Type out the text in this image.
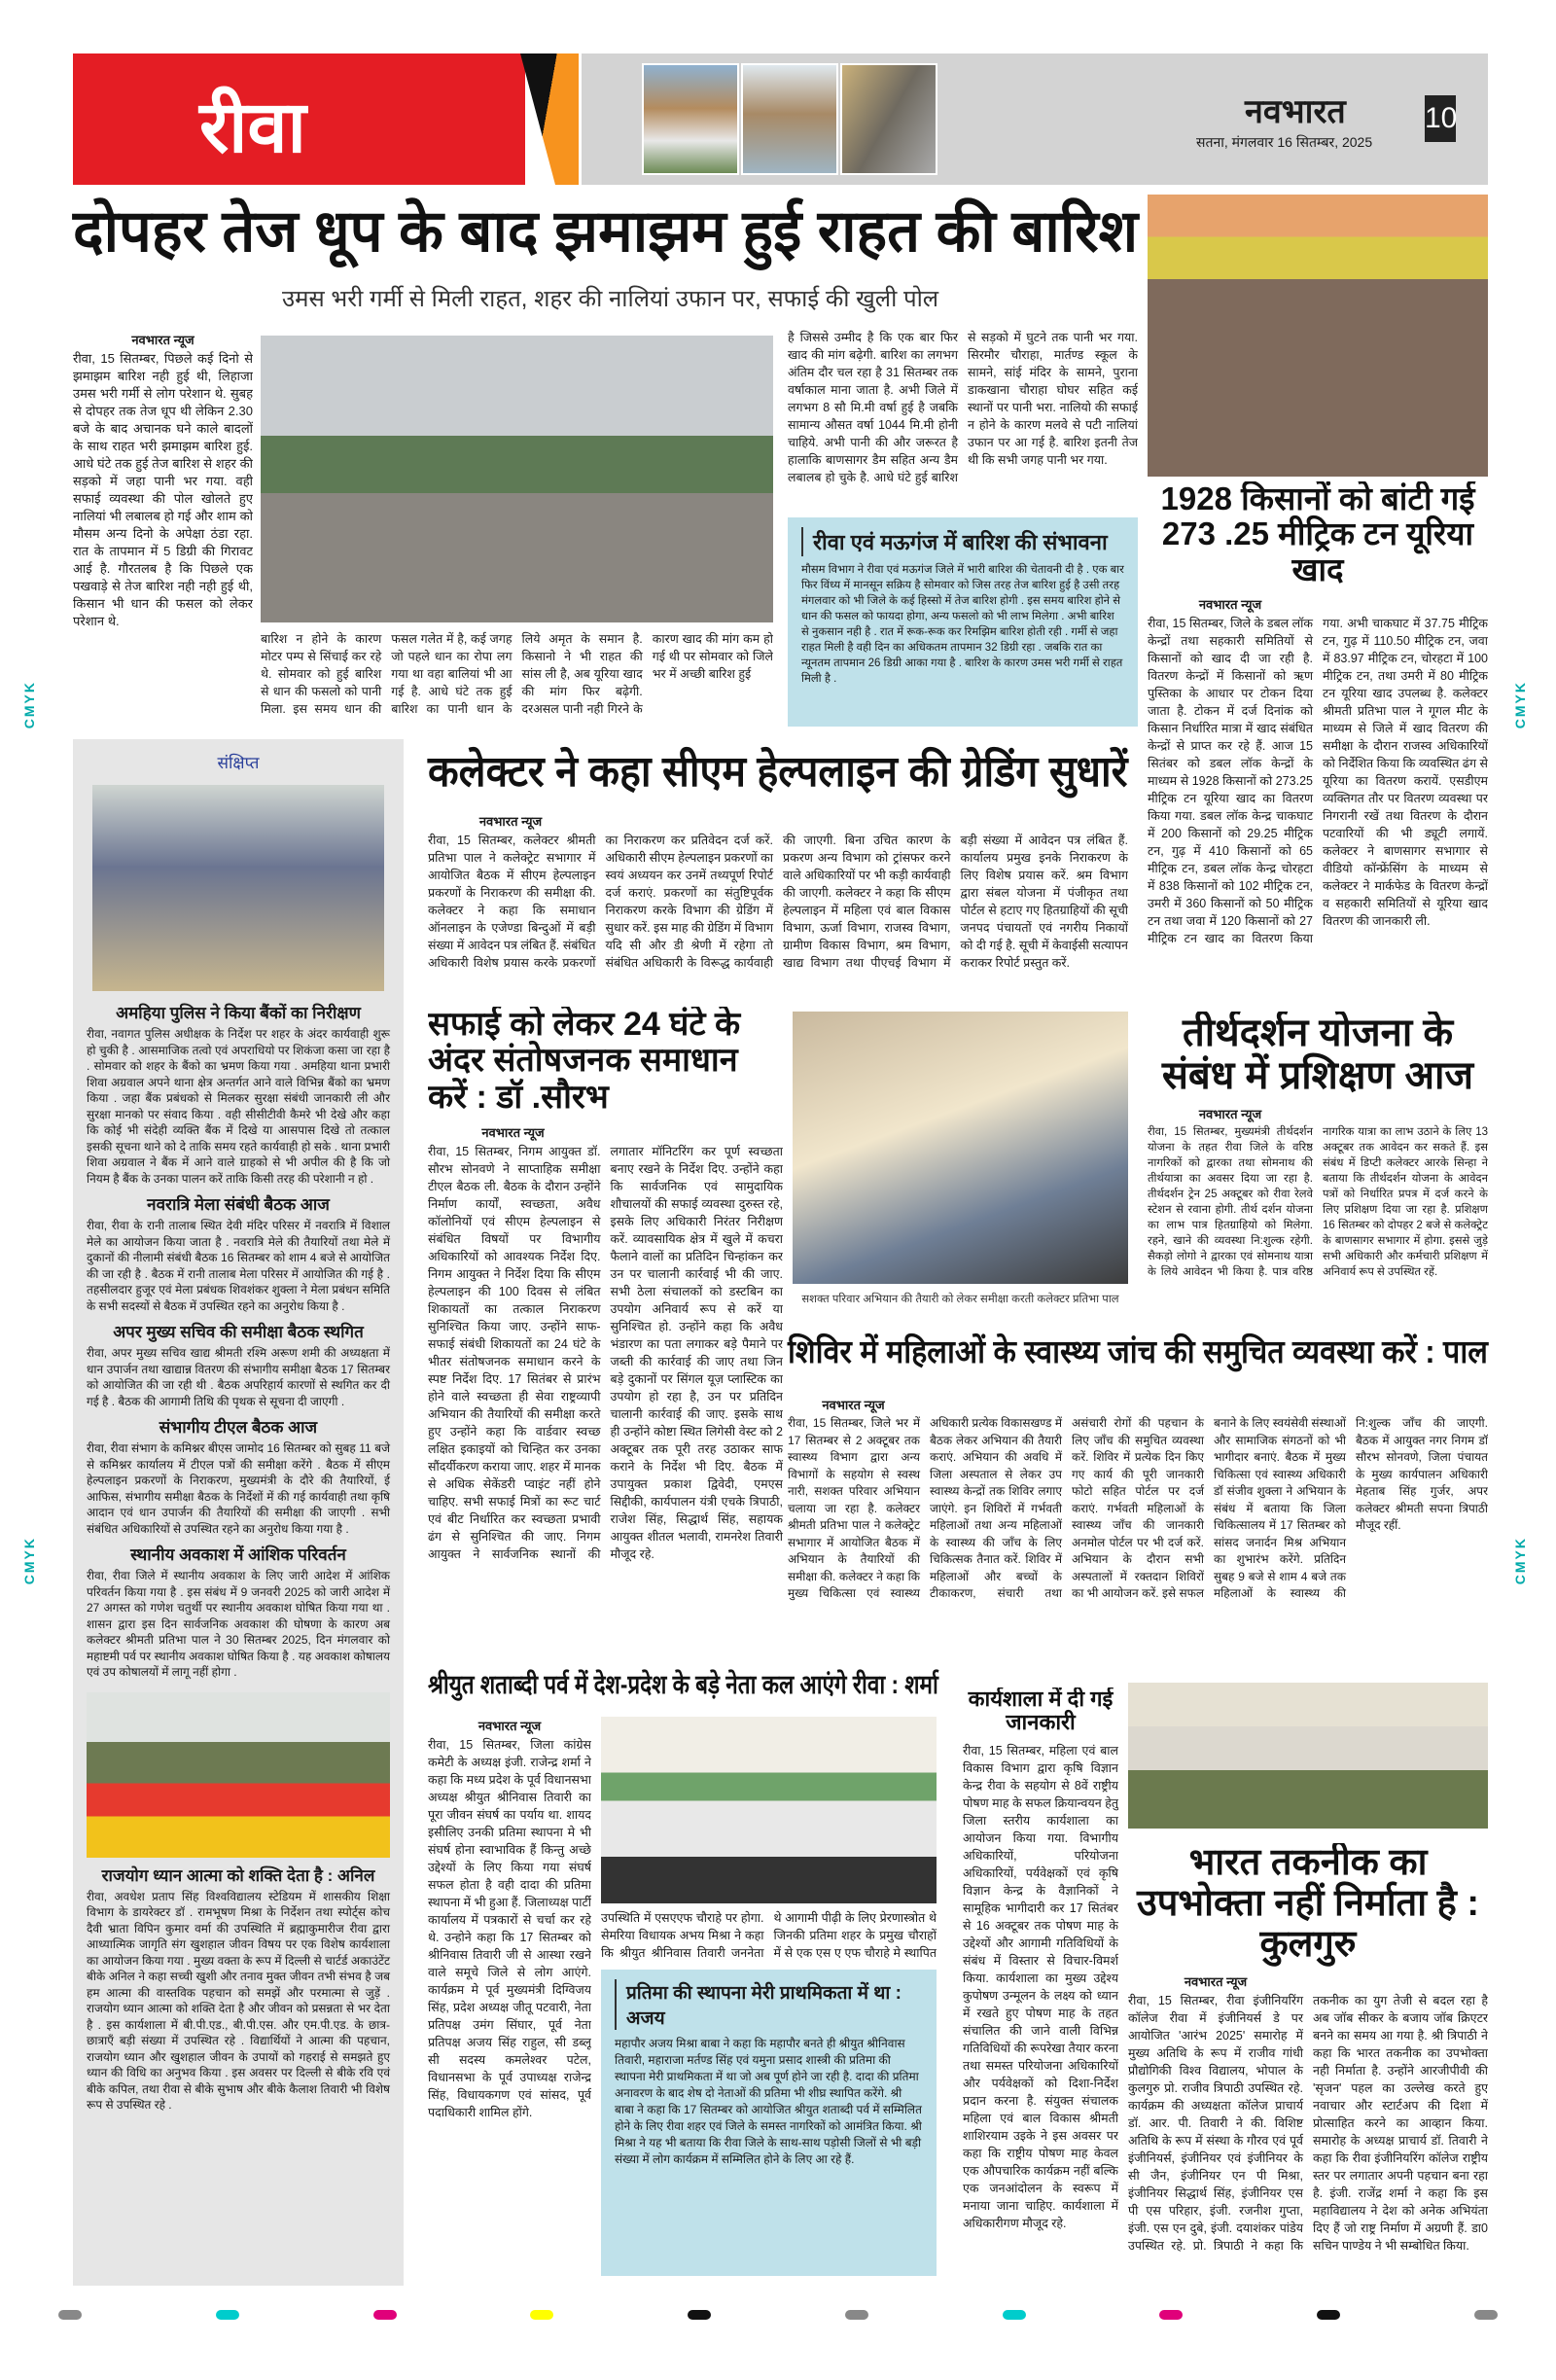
रीवा	नवभारत
सतना, मंगलवार 16 सितम्बर, 2025
10
दोपहर तेज धूप के बाद झमाझम हुई राहत की बारिश
उमस भरी गर्मी से मिली राहत, शहर की नालियां उफान पर, सफाई की खुली पोल
नवभारत न्यूज
रीवा, 15 सितम्बर, पिछले कई दिनो से झमाझम बारिश नही हुई थी, लिहाजा उमस भरी गर्मी से लोग परेशान थे. सुबह से दोपहर तक तेज धूप थी लेकिन 2.30 बजे के बाद अचानक घने काले बादलों के साथ राहत भरी झमाझम बारिश हुई. आधे घंटे तक हुई तेज बारिश से शहर की सड़को में जहा पानी भर गया. वही सफाई व्यवस्था की पोल खोलते हुए नालियां भी लबालब हो गई और शाम को मौसम अन्य दिनो के अपेक्षा ठंडा रहा. रात के तापमान में 5 डिग्री की गिरावट आई है. गौरतलब है कि पिछले एक पखवाड़े से तेज बारिश नही नही हुई थी, किसान भी धान की फसल को लेकर परेशान थे.
बारिश न होने के कारण मोटर पम्प से सिंचाई कर रहे थे. सोमवार को हुई बारिश से धान की फसलो को पानी मिला. इस समय धान की फसल गलेत में है, कई जगह जो पहले धान का रोपा लग गया था वहा बालियां भी आ गई है. आधे घंटे तक हुई बारिश का पानी धान के लिये अमृत के समान है. किसानो ने भी राहत की सांस ली है, अब यूरिया खाद की मांग फिर बढ़ेगी. दरअसल पानी नही गिरने के कारण खाद की मांग कम हो गई थी पर सोमवार को जिले भर में अच्छी बारिश हुई
है जिससे उम्मीद है कि एक बार फिर खाद की मांग बढ़ेगी. बारिश का लगभग अंतिम दौर चल रहा है 31 सितम्बर तक वर्षाकाल माना जाता है. अभी जिले में लगभग 8 सौ मि.मी वर्षा हुई है जबकि सामान्य औसत वर्षा 1044 मि.मी होनी चाहिये. अभी पानी की और जरूरत है हालाकि बाणसागर डैम सहित अन्य डैम लबालब हो चुके है. आधे घंटे हुई बारिश से सड़को में घुटने तक पानी भर गया. सिरमौर चौराहा, मार्तण्ड स्कूल के सामने, सांई मंदिर के सामने, पुराना डाकखाना चौराहा घोघर सहित कई स्थानों पर पानी भरा. नालियो की सफाई न होने के कारण मलवे से पटी नालियां उफान पर आ गई है. बारिश इतनी तेज थी कि सभी जगह पानी भर गया.
रीवा एवं मऊगंज में बारिश की संभावना

मौसम विभाग ने रीवा एवं मऊगंज जिले में भारी बारिश की चेतावनी दी है . एक बार फिर विंध्य में मानसून सक्रिय है सोमवार को जिस तरह तेज बारिश हुई है उसी तरह मंगलवार को भी जिले के कई हिस्सो में तेज बारिश होगी . इस समय बारिश होने से धान की फसल को फायदा होगा, अन्य फसलो को भी लाभ मिलेगा . अभी बारिश से नुकसान नही है . रात में रूक-रूक कर रिमझिम बारिश होती रही . गर्मी से जहा राहत मिली है वही दिन का अधिकतम तापमान 32 डिग्री रहा . जबकि रात का न्यूनतम तापमान 26 डिग्री आका गया है . बारिश के कारण उमस भरी गर्मी से राहत मिली है .

1928 किसानों को बांटी गई 273 .25 मीट्रिक टन यूरिया खाद
नवभारत न्यूज
रीवा, 15 सितम्बर, जिले के डबल लॉक केन्द्रों तथा सहकारी समितियों से किसानों को खाद दी जा रही है. वितरण केन्द्रों में किसानों को ऋण पुस्तिका के आधार पर टोकन दिया जाता है. टोकन में दर्ज दिनांक को किसान निर्धारित मात्रा में खाद संबंधित केन्द्रों से प्राप्त कर रहे हैं. आज 15 सितंबर को डबल लॉक केन्द्रों के माध्यम से 1928 किसानों को 273.25 मीट्रिक टन यूरिया खाद का वितरण किया गया. डबल लॉक केन्द्र चाकघाट में 200 किसानों को 29.25 मीट्रिक टन, गुढ़ में 410 किसानों को 65 मीट्रिक टन, डबल लॉक केन्द्र चोरहटा में 838 किसानों को 102 मीट्रिक टन, उमरी में 360 किसानों को 50 मीट्रिक टन तथा जवा में 120 किसानों को 27 मीट्रिक टन खाद का वितरण किया गया. अभी चाकघाट में 37.75 मीट्रिक टन, गुढ़ में 110.50 मीट्रिक टन, जवा में 83.97 मीट्रिक टन, चोरहटा में 100 मीट्रिक टन, तथा उमरी में 80 मीट्रिक टन यूरिया खाद उपलब्ध है. कलेक्टर श्रीमती प्रतिभा पाल ने गूगल मीट के माध्यम से जिले में खाद वितरण की समीक्षा के दौरान राजस्व अधिकारियों को निर्देशित किया कि व्यवस्थित ढंग से यूरिया का वितरण करायें. एसडीएम व्यक्तिगत तौर पर वितरण व्यवस्था पर निगरानी रखें तथा वितरण के दौरान पटवारियों की भी ड्यूटी लगायें. कलेक्टर ने बाणसागर सभागार से वीडियो कॉन्फ्रेंसिंग के माध्यम से कलेक्टर ने मार्कफेड के वितरण केन्द्रों व सहकारी समितियों से यूरिया खाद वितरण की जानकारी ली.
संक्षिप्त
अमहिया पुलिस ने किया बैंकों का निरीक्षण

रीवा, नवागत पुलिस अधीक्षक के निर्देश पर शहर के अंदर कार्यवाही शुरू हो चुकी है . आसमाजिक तत्वो एवं अपराधियो पर शिकंजा कसा जा रहा है . सोमवार को शहर के बैंको का भ्रमण किया गया . अमहिया थाना प्रभारी शिवा अग्रवाल अपने थाना क्षेत्र अन्तर्गत आने वाले विभिन्न बैंको का भ्रमण किया . जहा बैंक प्रबंधको से मिलकर सुरक्षा संबंधी जानकारी ली और सुरक्षा मानको पर संवाद किया . वही सीसीटीवी कैमरे भी देखे और कहा कि कोई भी संदेही व्यक्ति बैंक में दिखे या आसपास दिखे तो तत्काल इसकी सूचना थाने को दे ताकि समय रहते कार्यवाही हो सके . थाना प्रभारी शिवा अग्रवाल ने बैंक में आने वाले ग्राहको से भी अपील की है कि जो नियम है बैंक के उनका पालन करें ताकि किसी तरह की परेशानी न हो .

नवरात्रि मेला संबंधी बैठक आज

रीवा, रीवा के रानी तालाब स्थित देवी मंदिर परिसर में नवरात्रि में विशाल मेले का आयोजन किया जाता है . नवरात्रि मेले की तैयारियों तथा मेले में दुकानों की नीलामी संबंधी बैठक 16 सितम्बर को शाम 4 बजे से आयोजित की जा रही है . बैठक में रानी तालाब मेला परिसर में आयोजित की गई है . तहसीलदार हुजूर एवं मेला प्रबंधक शिवशंकर शुक्ला ने मेला प्रबंधन समिति के सभी सदस्यों से बैठक में उपस्थित रहने का अनुरोध किया है .

अपर मुख्य सचिव की समीक्षा बैठक स्थगित

रीवा, अपर मुख्य सचिव खाद्य श्रीमती रश्मि अरूण शमी की अध्यक्षता में धान उपार्जन तथा खाद्यान्न वितरण की संभागीय समीक्षा बैठक 17 सितम्बर को आयोजित की जा रही थी . बैठक अपरिहार्य कारणों से स्थगित कर दी गई है . बैठक की आगामी तिथि की पृथक से सूचना दी जाएगी .

संभागीय टीएल बैठक आज

रीवा, रीवा संभाग के कमिश्नर बीएस जामोद 16 सितम्बर को सुबह 11 बजे से कमिश्नर कार्यालय में टीएल पत्रों की समीक्षा करेंगे . बैठक में सीएम हेल्पलाइन प्रकरणों के निराकरण, मुख्यमंत्री के दौरे की तैयारियों, ई आफिस, संभागीय समीक्षा बैठक के निर्देशों में की गई कार्यवाही तथा कृषि आदान एवं धान उपार्जन की तैयारियों की समीक्षा की जाएगी . सभी संबंधित अधिकारियों से उपस्थित रहने का अनुरोध किया गया है .

स्थानीय अवकाश में आंशिक परिवर्तन

रीवा, रीवा जिले में स्थानीय अवकाश के लिए जारी आदेश में आंशिक परिवर्तन किया गया है . इस संबंध में 9 जनवरी 2025 को जारी आदेश में 27 अगस्त को गणेश चतुर्थी पर स्थानीय अवकाश घोषित किया गया था . शासन द्वारा इस दिन सार्वजनिक अवकाश की घोषणा के कारण अब कलेक्टर श्रीमती प्रतिभा पाल ने 30 सितम्बर 2025, दिन मंगलवार को महाष्टमी पर्व पर स्थानीय अवकाश घोषित किया है . यह अवकाश कोषालय एवं उप कोषालयों में लागू नहीं होगा .

राजयोग ध्यान आत्मा को शक्ति देता है : अनिल

रीवा, अवधेश प्रताप सिंह विश्वविद्यालय स्टेडियम में शासकीय शिक्षा विभाग के डायरेक्टर डॉ . रामभूषण मिश्रा के निर्देशन तथा स्पोर्ट्स कोच दैवी भ्राता विपिन कुमार वर्मा की उपस्थिति में ब्रह्माकुमारीज रीवा द्वारा आध्यात्मिक जागृति संग खुशहाल जीवन विषय पर एक विशेष कार्यशाला का आयोजन किया गया . मुख्य वक्ता के रूप में दिल्ली से चार्टर्ड अकाउंटेंट बीके अनिल ने कहा सच्ची खुशी और तनाव मुक्त जीवन तभी संभव है जब हम आत्मा की वास्तविक पहचान को समझें और परमात्मा से जुड़ें . राजयोग ध्यान आत्मा को शक्ति देता है और जीवन को प्रसन्नता से भर देता है . इस कार्यशाला में बी.पी.एड., बी.पी.एस. और एम.पी.एड. के छात्र-छात्राएँ बड़ी संख्या में उपस्थित रहे . विद्यार्थियों ने आत्मा की पहचान, राजयोग ध्यान और खुशहाल जीवन के उपायों को गहराई से समझते हुए ध्यान की विधि का अनुभव किया . इस अवसर पर दिल्ली से बीके रवि एवं बीके कपिल, तथा रीवा से बीके सुभाष और बीके कैलाश तिवारी भी विशेष रूप से उपस्थित रहे .

कलेक्टर ने कहा सीएम हेल्पलाइन की ग्रेडिंग सुधारें
नवभारत न्यूज
रीवा, 15 सितम्बर, कलेक्टर श्रीमती प्रतिभा पाल ने कलेक्ट्रेट सभागार में आयोजित बैठक में सीएम हेल्पलाइन प्रकरणों के निराकरण की समीक्षा की. कलेक्टर ने कहा कि समाधान ऑनलाइन के एजेण्डा बिन्दुओं में बड़ी संख्या में आवेदन पत्र लंबित हैं. संबंधित अधिकारी विशेष प्रयास करके प्रकरणों का निराकरण कर प्रतिवेदन दर्ज करें. अधिकारी सीएम हेल्पलाइन प्रकरणों का स्वयं अध्ययन कर उनमें तथ्यपूर्ण रिपोर्ट दर्ज कराएं. प्रकरणों का संतुष्टिपूर्वक निराकरण करके विभाग की ग्रेडिंग में सुधार करें. इस माह की ग्रेडिंग में विभाग यदि सी और डी श्रेणी में रहेगा तो संबंधित अधिकारी के विरूद्ध कार्यवाही की जाएगी. बिना उचित कारण के प्रकरण अन्य विभाग को ट्रांसफर करने वाले अधिकारियों पर भी कड़ी कार्यवाही की जाएगी. कलेक्टर ने कहा कि सीएम हेल्पलाइन में महिला एवं बाल विकास विभाग, ऊर्जा विभाग, राजस्व विभाग, ग्रामीण विकास विभाग, श्रम विभाग, खाद्य विभाग तथा पीएचई विभाग में बड़ी संख्या में आवेदन पत्र लंबित हैं. कार्यालय प्रमुख इनके निराकरण के लिए विशेष प्रयास करें. श्रम विभाग द्वारा संबल योजना में पंजीकृत तथा पोर्टल से हटाए गए हितग्राहियों की सूची जनपद पंचायतों एवं नगरीय निकायों को दी गई है. सूची में केवाईसी सत्यापन कराकर रिपोर्ट प्रस्तुत करें.
सफाई को लेकर 24 घंटे के अंदर संतोषजनक समाधान करें : डॉ .सौरभ
नवभारत न्यूज
रीवा, 15 सितम्बर, निगम आयुक्त डॉ. सौरभ सोनवणे ने साप्ताहिक समीक्षा टीएल बैठक ली. बैठक के दौरान उन्होंने निर्माण कार्यों, स्वच्छता, अवैध कॉलोनियों एवं सीएम हेल्पलाइन से संबंधित विषयों पर विभागीय अधिकारियों को आवश्यक निर्देश दिए. निगम आयुक्त ने निर्देश दिया कि सीएम हेल्पलाइन की 100 दिवस से लंबित शिकायतों का तत्काल निराकरण सुनिश्चित किया जाए. उन्होंने साफ-सफाई संबंधी शिकायतों का 24 घंटे के भीतर संतोषजनक समाधान करने के स्पष्ट निर्देश दिए. 17 सितंबर से प्रारंभ होने वाले स्वच्छता ही सेवा राष्ट्रव्यापी अभियान की तैयारियों की समीक्षा करते हुए उन्होंने कहा कि वार्डवार स्वच्छ लक्षित इकाइयों को चिन्हित कर उनका सौंदर्यीकरण कराया जाए. शहर में मानक से अधिक सेकेंडरी प्वाइंट नहीं होने चाहिए. सभी सफाई मित्रों का रूट चार्ट एवं बीट निर्धारित कर स्वच्छता प्रभावी ढंग से सुनिश्चित की जाए. निगम आयुक्त ने सार्वजनिक स्थानों की लगातार मॉनिटरिंग कर पूर्ण स्वच्छता बनाए रखने के निर्देश दिए. उन्होंने कहा कि सार्वजनिक एवं सामुदायिक शौचालयों की सफाई व्यवस्था दुरुस्त रहे, इसके लिए अधिकारी निरंतर निरीक्षण करें. व्यावसायिक क्षेत्र में खुले में कचरा फैलाने वालों का प्रतिदिन चिन्हांकन कर उन पर चालानी कार्रवाई भी की जाए. सभी ठेला संचालकों को डस्टबिन का उपयोग अनिवार्य रूप से करें या सुनिश्चित हो. उन्होंने कहा कि अवैध भंडारण का पता लगाकर बड़े पैमाने पर जब्ती की कार्रवाई की जाए तथा जिन बड़े दुकानों पर सिंगल यूज़ प्लास्टिक का उपयोग हो रहा है, उन पर प्रतिदिन चालानी कार्रवाई की जाए. इसके साथ ही उन्होंने कोष्टा स्थित लिगेसी वेस्ट को 2 अक्टूबर तक पूरी तरह उठाकर साफ कराने के निर्देश भी दिए. बैठक में उपायुक्त प्रकाश द्विवेदी, एमएस सिद्दीकी, कार्यपालन यंत्री एचके त्रिपाठी, राजेश सिंह, सिद्धार्थ सिंह, सहायक आयुक्त शीतल भलावी, रामनरेश तिवारी मौजूद रहे.
सशक्त परिवार अभियान की तैयारी को लेकर समीक्षा करती कलेक्टर प्रतिभा पाल
तीर्थदर्शन योजना के संबंध में प्रशिक्षण आज
नवभारत न्यूज
रीवा, 15 सितम्बर, मुख्यमंत्री तीर्थदर्शन योजना के तहत रीवा जिले के वरिष्ठ नागरिकों को द्वारका तथा सोमनाथ की तीर्थयात्रा का अवसर दिया जा रहा है. तीर्थदर्शन ट्रेन 25 अक्टूबर को रीवा रेलवे स्टेशन से रवाना होगी. तीर्थ दर्शन योजना का लाभ पात्र हितग्राहियो को मिलेगा. रहने, खाने की व्यवस्था नि:शुल्क रहेगी. सैकड़ो लोगो ने द्वारका एवं सोमनाथ यात्रा के लिये आवेदन भी किया है. पात्र वरिष्ठ नागरिक यात्रा का लाभ उठाने के लिए 13 अक्टूबर तक आवेदन कर सकते हैं. इस संबंध में डिप्टी कलेक्टर आरके सिन्हा ने बताया कि तीर्थदर्शन योजना के आवेदन पत्रों को निर्धारित प्रपत्र में दर्ज करने के लिए प्रशिक्षण दिया जा रहा है. प्रशिक्षण 16 सितम्बर को दोपहर 2 बजे से कलेक्ट्रेट के बाणसागर सभागार में होगा. इससे जुड़े सभी अधिकारी और कर्मचारी प्रशिक्षण में अनिवार्य रूप से उपस्थित रहें.
शिविर में महिलाओं के स्वास्थ्य जांच की समुचित व्यवस्था करें : पाल
नवभारत न्यूज
रीवा, 15 सितम्बर, जिले भर में 17 सितम्बर से 2 अक्टूबर तक स्वास्थ्य विभाग द्वारा अन्य विभागों के सहयोग से स्वस्थ नारी, सशक्त परिवार अभियान चलाया जा रहा है. कलेक्टर श्रीमती प्रतिभा पाल ने कलेक्ट्रेट सभागार में आयोजित बैठक में अभियान के तैयारियों की समीक्षा की. कलेक्टर ने कहा कि मुख्य चिकित्सा एवं स्वास्थ्य अधिकारी प्रत्येक विकासखण्ड में बैठक लेकर अभियान की तैयारी कराएं. अभियान की अवधि में जिला अस्पताल से लेकर उप स्वास्थ्य केन्द्रों तक शिविर लगाए जाएंगे. इन शिविरों में गर्भवती महिलाओं तथा अन्य महिलाओं के स्वास्थ्य की जाँच के लिए चिकित्सक तैनात करें. शिविर में महिलाओं और बच्चों के टीकाकरण, संचारी तथा असंचारी रोगों की पहचान के लिए जाँच की समुचित व्यवस्था करें. शिविर में प्रत्येक दिन किए गए कार्य की पूरी जानकारी फोटो सहित पोर्टल पर दर्ज कराएं. गर्भवती महिलाओं के स्वास्थ्य जाँच की जानकारी अनमोल पोर्टल पर भी दर्ज करें. अभियान के दौरान सभी अस्पतालों में रक्तदान शिविरों का भी आयोजन करें. इसे सफल बनाने के लिए स्वयंसेवी संस्थाओं और सामाजिक संगठनों को भी भागीदार बनाएं. बैठक में मुख्य चिकित्सा एवं स्वास्थ्य अधिकारी डॉ संजीव शुक्ला ने अभियान के संबंध में बताया कि जिला चिकित्सालय में 17 सितम्बर को सांसद जनार्दन मिश्र अभियान का शुभारंभ करेंगे. प्रतिदिन सुबह 9 बजे से शाम 4 बजे तक महिलाओं के स्वास्थ्य की नि:शुल्क जाँच की जाएगी. बैठक में आयुक्त नगर निगम डॉ सौरभ सोनवणे, जिला पंचायत के मुख्य कार्यपालन अधिकारी मेहताब सिंह गुर्जर, अपर कलेक्टर श्रीमती सपना त्रिपाठी मौजूद रहीं.
श्रीयुत शताब्दी पर्व में देश-प्रदेश के बड़े नेता कल आएंगे रीवा : शर्मा
नवभारत न्यूज
रीवा, 15 सितम्बर, जिला कांग्रेस कमेटी के अध्यक्ष इंजी. राजेन्द्र शर्मा ने कहा कि मध्य प्रदेश के पूर्व विधानसभा अध्यक्ष श्रीयुत श्रीनिवास तिवारी का पूरा जीवन संघर्ष का पर्याय था. शायद इसीलिए उनकी प्रतिमा स्थापना मे भी संघर्ष होना स्वाभाविक हैं किन्तु अच्छे उद्देश्यों के लिए किया गया संघर्ष सफल होता है वही दादा की प्रतिमा स्थापना में भी हुआ हैं. जिलाध्यक्ष पार्टी कार्यालय में पत्रकारों से चर्चा कर रहे थे. उन्होने कहा कि 17 सितम्बर को श्रीनिवास तिवारी जी से आस्था रखने वाले समूचे जिले से लोग आएंगे. कार्यक्रम मे पूर्व मुख्यमंत्री दिग्विजय सिंह, प्रदेश अध्यक्ष जीतू पटवारी, नेता प्रतिपक्ष उमंग सिंघार, पूर्व नेता प्रतिपक्ष अजय सिंह राहुल, सी डब्लू सी सदस्य कमलेश्वर पटेल, विधानसभा के पूर्व उपाध्यक्ष राजेन्द्र सिंह, विधायकगण एवं सांसद, पूर्व पदाधिकारी शामिल होंगे.
उपस्थिति में एसएएफ चौराहे पर होगा. सेमरिया विधायक अभय मिश्रा ने कहा कि श्रीयुत श्रीनिवास तिवारी जननेता थे आगामी पीढ़ी के लिए प्रेरणास्त्रोत थे जिनकी प्रतिमा शहर के प्रमुख चौराहों में से एक एस ए एफ चौराहे मे स्थापित
प्रतिमा की स्थापना मेरी प्राथमिकता में था : अजय

महापौर अजय मिश्रा बाबा ने कहा कि महापौर बनते ही श्रीयुत श्रीनिवास तिवारी, महाराजा मर्तण्ड सिंह एवं यमुना प्रसाद शास्त्री की प्रतिमा की स्थापना मेरी प्राथमिकता में था जो अब पूर्ण होने जा रही है. दादा की प्रतिमा अनावरण के बाद शेष दो नेताओं की प्रतिमा भी शीघ्र स्थापित करेंगे. श्री बाबा ने कहा कि 17 सितम्बर को आयोजित श्रीयुत शताब्दी पर्व में सम्मिलित होने के लिए रीवा शहर एवं जिले के समस्त नागरिकों को आमंत्रित किया. श्री मिश्रा ने यह भी बताया कि रीवा जिले के साथ-साथ पड़ोसी जिलों से भी बड़ी संख्या में लोग कार्यक्रम में सम्मिलित होने के लिए आ रहे हैं.

कार्यशाला में दी गई जानकारी
रीवा, 15 सितम्बर, महिला एवं बाल विकास विभाग द्वारा कृषि विज्ञान केन्द्र रीवा के सहयोग से 8वें राष्ट्रीय पोषण माह के सफल क्रियान्वयन हेतु जिला स्तरीय कार्यशाला का आयोजन किया गया. विभागीय अधिकारियों, परियोजना अधिकारियों, पर्यवेक्षकों एवं कृषि विज्ञान केन्द्र के वैज्ञानिकों ने सामूहिक भागीदारी कर 17 सितंबर से 16 अक्टूबर तक पोषण माह के उद्देश्यों और आगामी गतिविधियों के संबंध में विस्तार से विचार-विमर्श किया. कार्यशाला का मुख्य उद्देश्य कुपोषण उन्मूलन के लक्ष्य को ध्यान में रखते हुए पोषण माह के तहत संचालित की जाने वाली विभिन्न गतिविधियों की रूपरेखा तैयार करना तथा समस्त परियोजना अधिकारियों और पर्यवेक्षकों को दिशा-निर्देश प्रदान करना है. संयुक्त संचालक महिला एवं बाल विकास श्रीमती शाशिरयाम उइके ने इस अवसर पर कहा कि राष्ट्रीय पोषण माह केवल एक औपचारिक कार्यक्रम नहीं बल्कि एक जनआंदोलन के स्वरूप में मनाया जाना चाहिए. कार्यशाला में अधिकारीगण मौजूद रहे.
भारत तकनीक का उपभोक्ता नहीं निर्माता है : कुलगुरु
नवभारत न्यूज
रीवा, 15 सितम्बर, रीवा इंजीनियरिंग कॉलेज रीवा में इंजीनियर्स डे पर आयोजित 'आरंभ 2025' समारोह में मुख्य अतिथि के रूप में राजीव गांधी प्रौद्योगिकी विश्व विद्यालय, भोपाल के कुलगुरु प्रो. राजीव त्रिपाठी उपस्थित रहे. कार्यक्रम की अध्यक्षता कॉलेज प्राचार्य डॉ. आर. पी. तिवारी ने की. विशिष्ट अतिथि के रूप में संस्था के गौरव एवं पूर्व इंजीनियर्स, इंजीनियर एवं इंजीनियर के सी जैन, इंजीनियर एन पी मिश्रा, इंजीनियर सिद्धार्थ सिंह, इंजीनियर एस पी एस परिहार, इंजी. रजनीश गुप्ता, इंजी. एस एन दुबे, इंजी. दयाशंकर पांडेय उपस्थित रहे. प्रो. त्रिपाठी ने कहा कि तकनीक का युग तेजी से बदल रहा है अब जॉब सीकर के बजाय जॉब क्रिएटर बनने का समय आ गया है. श्री त्रिपाठी ने कहा कि भारत तकनीक का उपभोक्ता नही निर्माता है. उन्होंने आरजीपीवी की 'सृजन' पहल का उल्लेख करते हुए नवाचार और स्टार्टअप की दिशा में प्रोत्साहित करने का आव्हान किया. समारोह के अध्यक्ष प्राचार्य डॉ. तिवारी ने कहा कि रीवा इंजीनियरिंग कॉलेज राष्ट्रीय स्तर पर लगातार अपनी पहचान बना रहा है. इंजी. राजेंद्र शर्मा ने कहा कि इस महाविद्यालय ने देश को अनेक अभियंता दिए हैं जो राष्ट्र निर्माण में अग्रणी हैं. डा0 सचिन पाण्डेय ने भी सम्बोधित किया.
CMYK
CMYK
CMYK
CMYK
